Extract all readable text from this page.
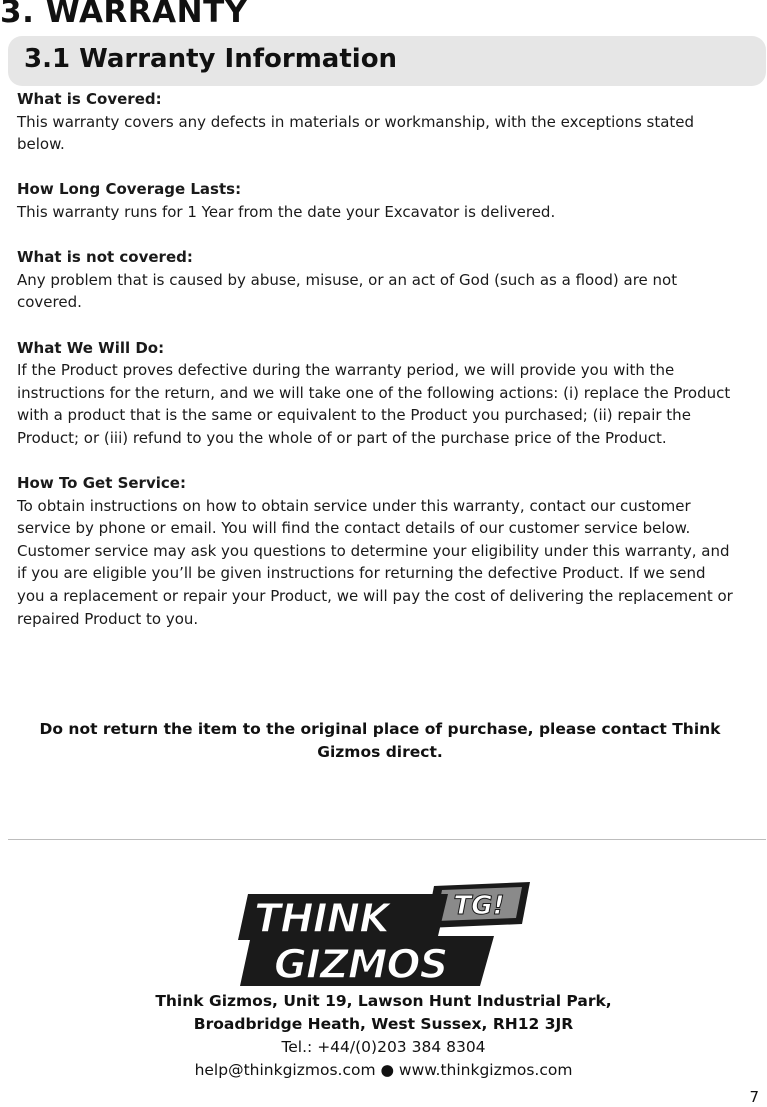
3. WARRANTY
3.1 Warranty Information

What is Covered:

This warranty covers any defects in materials or workmanship, with the exceptions stated below.

How Long Coverage Lasts:

This warranty runs for 1 Year from the date your Excavator is delivered.

What is not covered:

Any problem that is caused by abuse, misuse, or an act of God (such as a flood) are not covered.

What We Will Do:

If the Product proves defective during the warranty period, we will provide you with the instructions for the return, and we will take one of the following actions: (i) replace the Product with a product that is the same or equivalent to the Product you purchased; (ii) repair the Product; or (iii) refund to you the whole of or part of the purchase price of the Product.

How To Get Service:

To obtain instructions on how to obtain service under this warranty, contact our customer service by phone or email. You will find the contact details of our customer service below. Customer service may ask you questions to determine your eligibility under this warranty, and if you are eligible you’ll be given instructions for returning the defective Product. If we send you a replacement or repair your Product, we will pay the cost of delivering the replacement or repaired Product to you.

Do not return the item to the original place of purchase, please contact Think Gizmos direct.

TG!
THINK
GIZMOS
Think Gizmos, Unit 19, Lawson Hunt Industrial Park,
Broadbridge Heath, West Sussex, RH12 3JR
Tel.: +44/(0)203 384 8304
help@thinkgizmos.com ● www.thinkgizmos.com
7
